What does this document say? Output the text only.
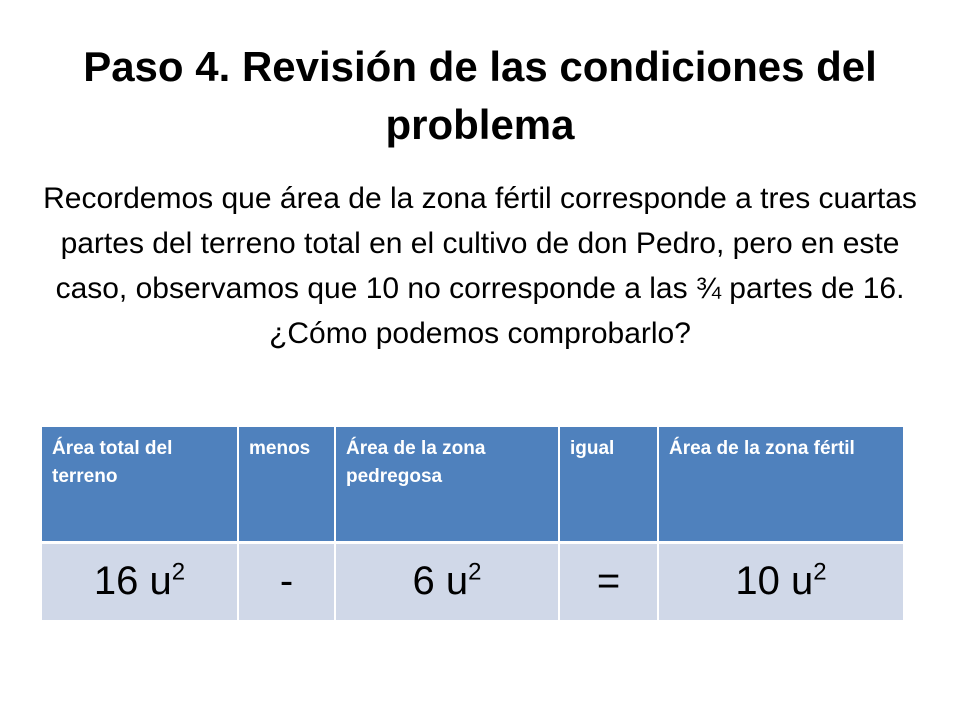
Paso 4. Revisión de las condiciones del problema

Recordemos que área de la zona fértil corresponde a tres cuartas partes del terreno total en el cultivo de don Pedro, pero en este caso, observamos que 10 no corresponde a las ¾ partes de 16. ¿Cómo podemos comprobarlo?

Área total del terreno	menos	Área de la zona pedregosa	igual	Área de la zona fértil
16 $u^2$	-	6 $u^2$	=	10 $u^2$
